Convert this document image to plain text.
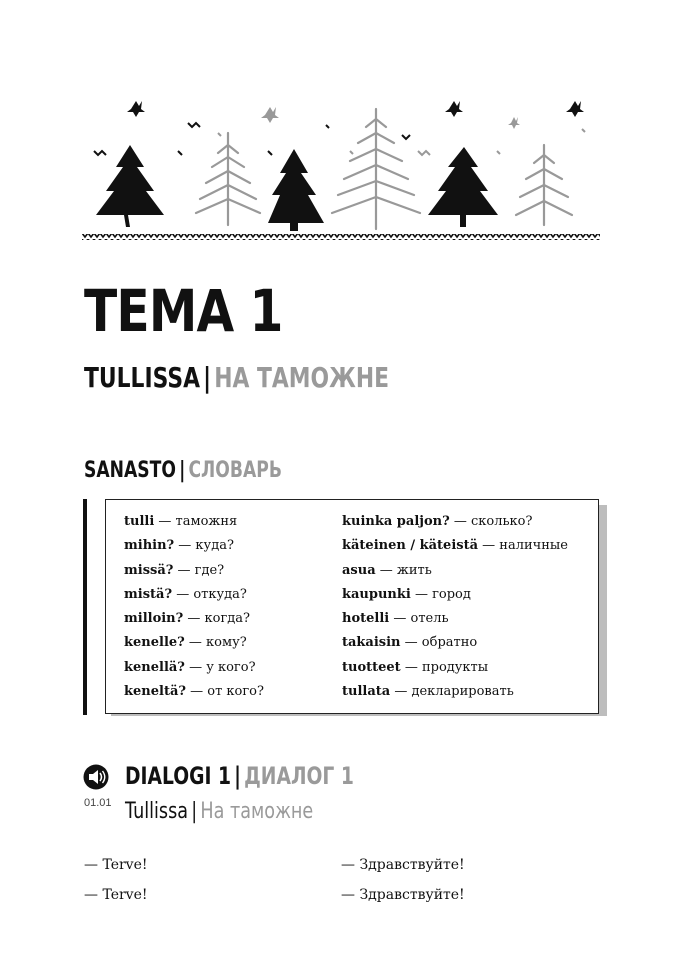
TEMA 1
TULLISSA | НА ТАМОЖНЕ
SANASTO | СЛОВАРЬ
tulli — таможня
mihin? — куда?
missä? — где?
mistä? — откуда?
milloin? — когда?
kenelle? — кому?
kenellä? — у кого?
keneltä? — от кого?
kuinka paljon? — сколько?
käteinen / käteistä — наличные
asua — жить
kaupunki — город
hotelli — отель
takaisin — обратно
tuotteet — продукты
tullata — декларировать
01.01
DIALOGI 1 | ДИАЛОГ 1
Tullissa | На таможне
— Terve!	— Здравствуйте!
— Terve!	— Здравствуйте!
